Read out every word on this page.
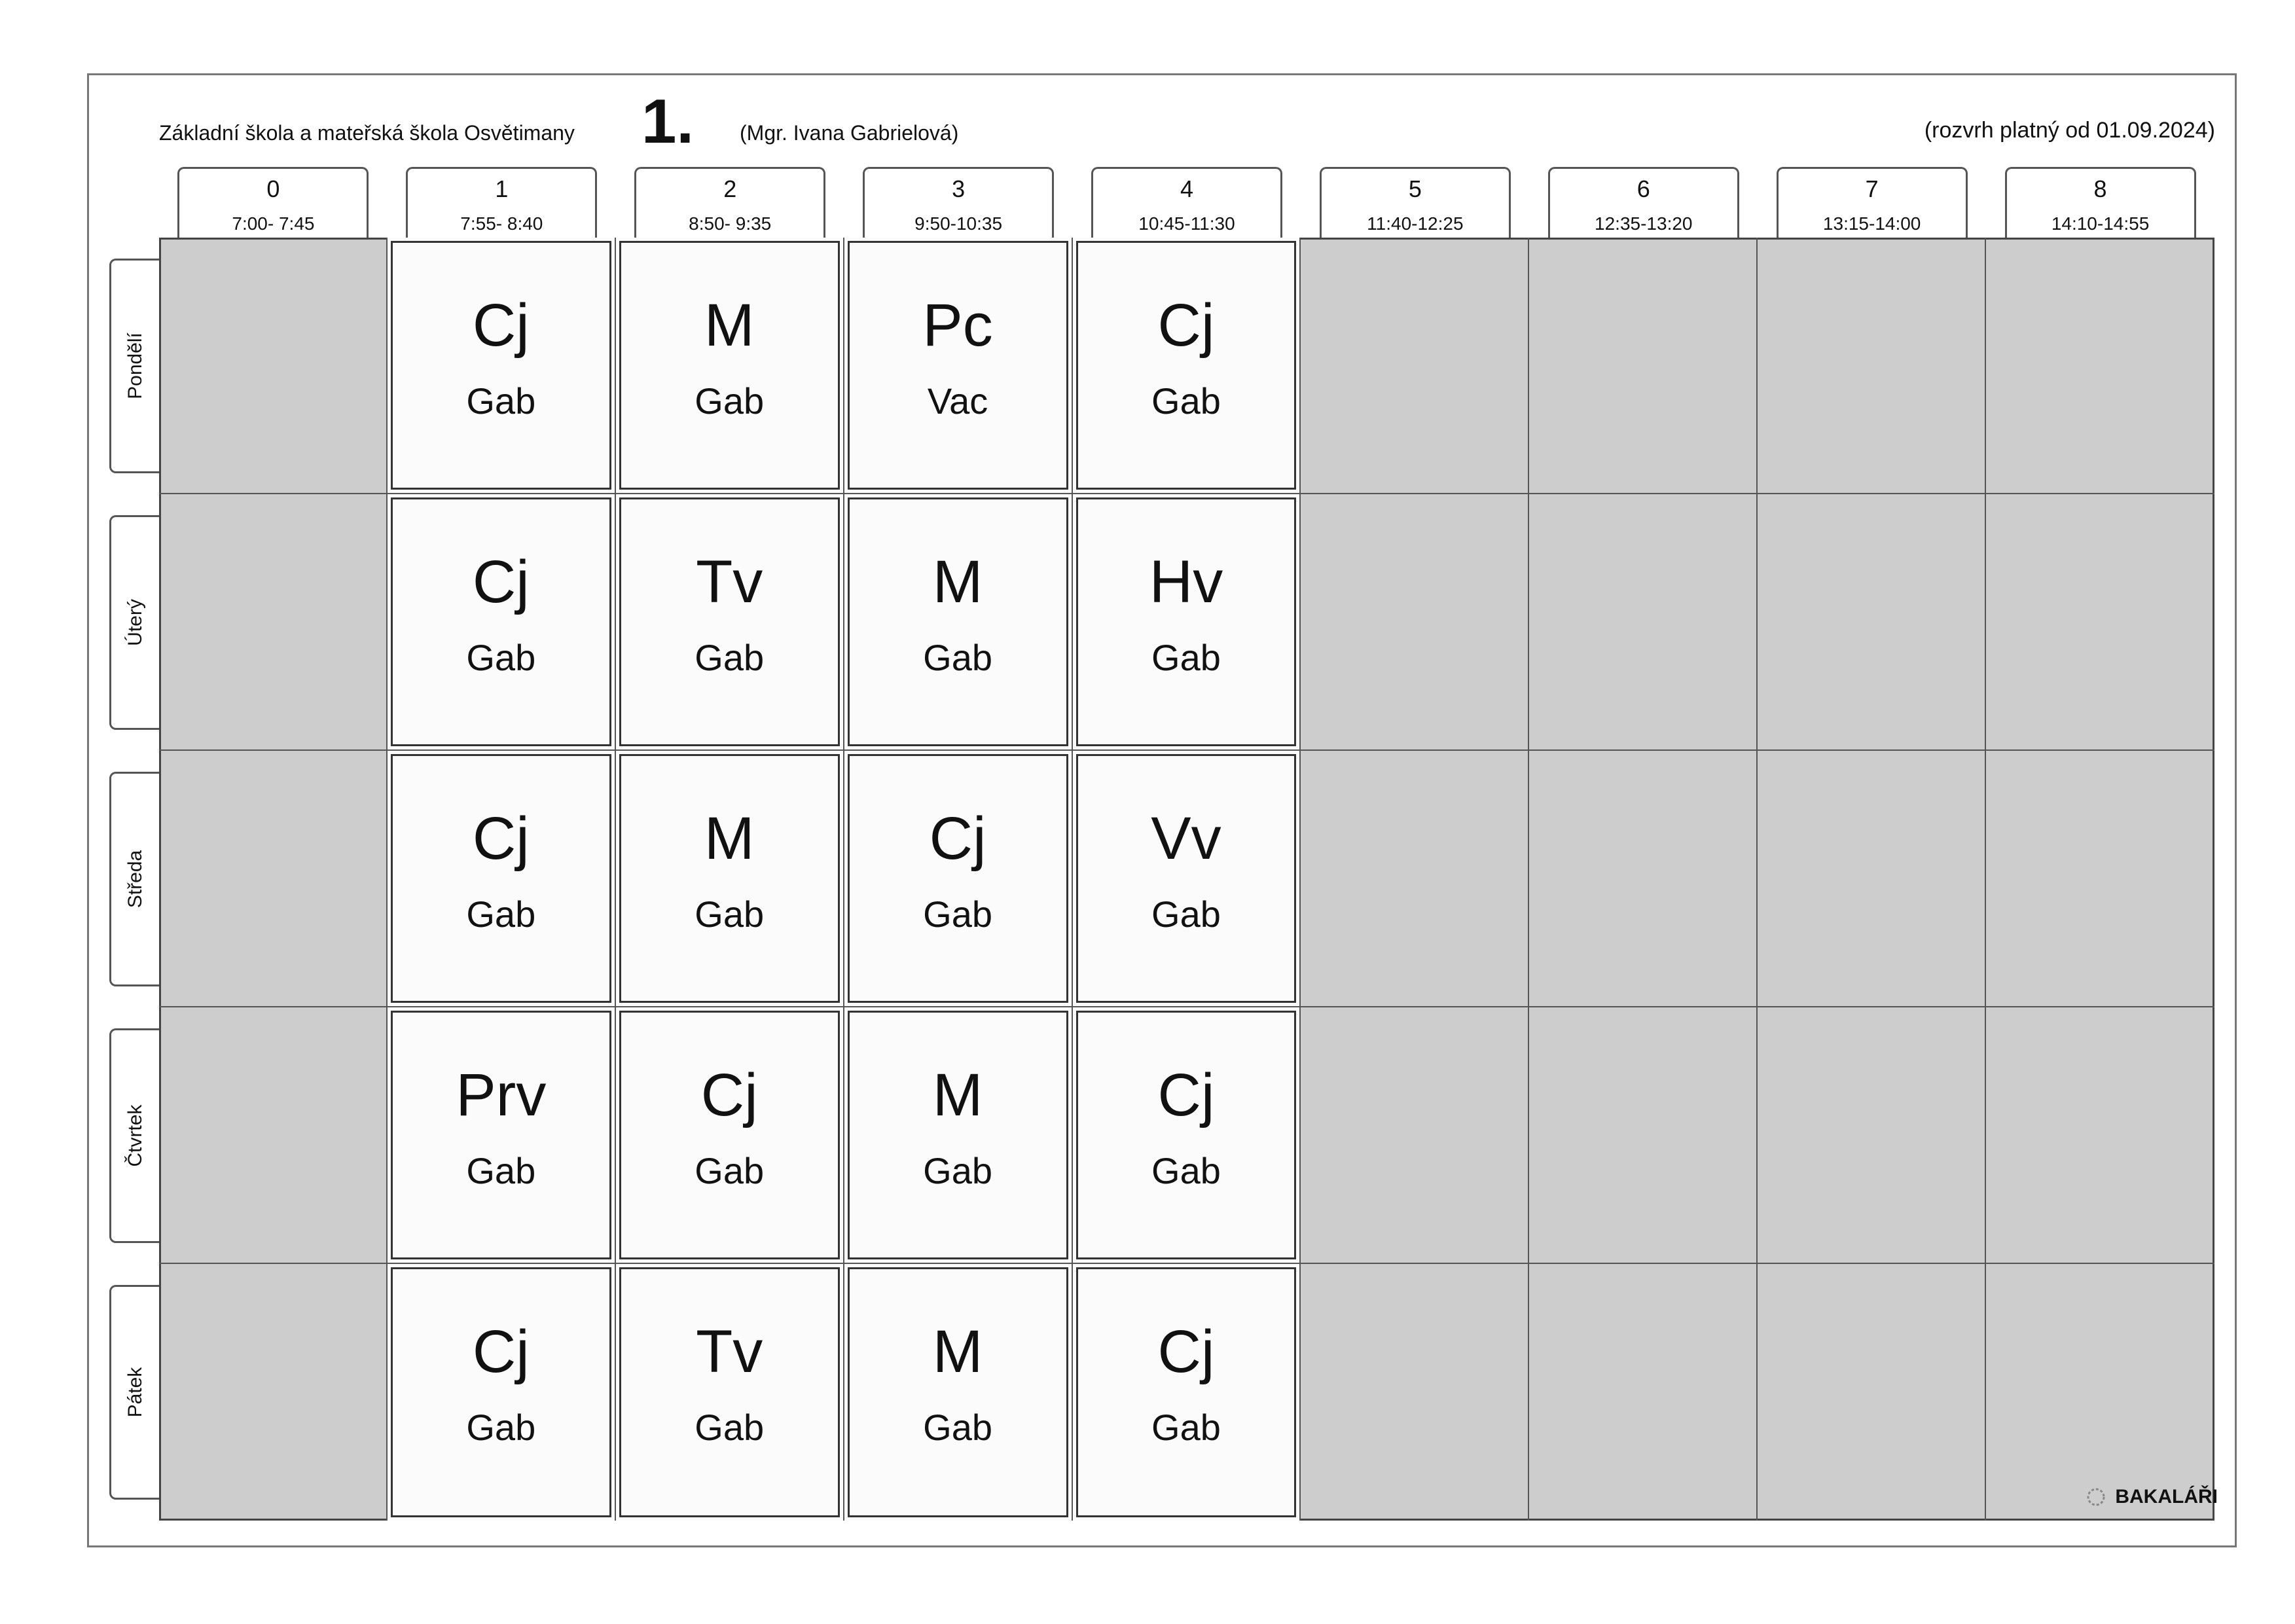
Základní škola a mateřská škola Osvětimany 1. (Mgr. Ivana Gabrielová)	(rozvrh platný od 01.09.2024)
0
7:00- 7:45
1
7:55- 8:40
2
8:50- 9:35
3
9:50-10:35
4
10:45-11:30
5
11:40-12:25
6
12:35-13:20
7
13:15-14:00
8
14:10-14:55
Pondělí
Úterý
Středa
Čtvrtek
Pátek
Cj
Gab
M
Gab
Pc
Vac
Cj
Gab
Cj
Gab
Tv
Gab
M
Gab
Hv
Gab
Cj
Gab
M
Gab
Cj
Gab
Vv
Gab
Prv
Gab
Cj
Gab
M
Gab
Cj
Gab
Cj
Gab
Tv
Gab
M
Gab
Cj
Gab
BAKALÁŘI
